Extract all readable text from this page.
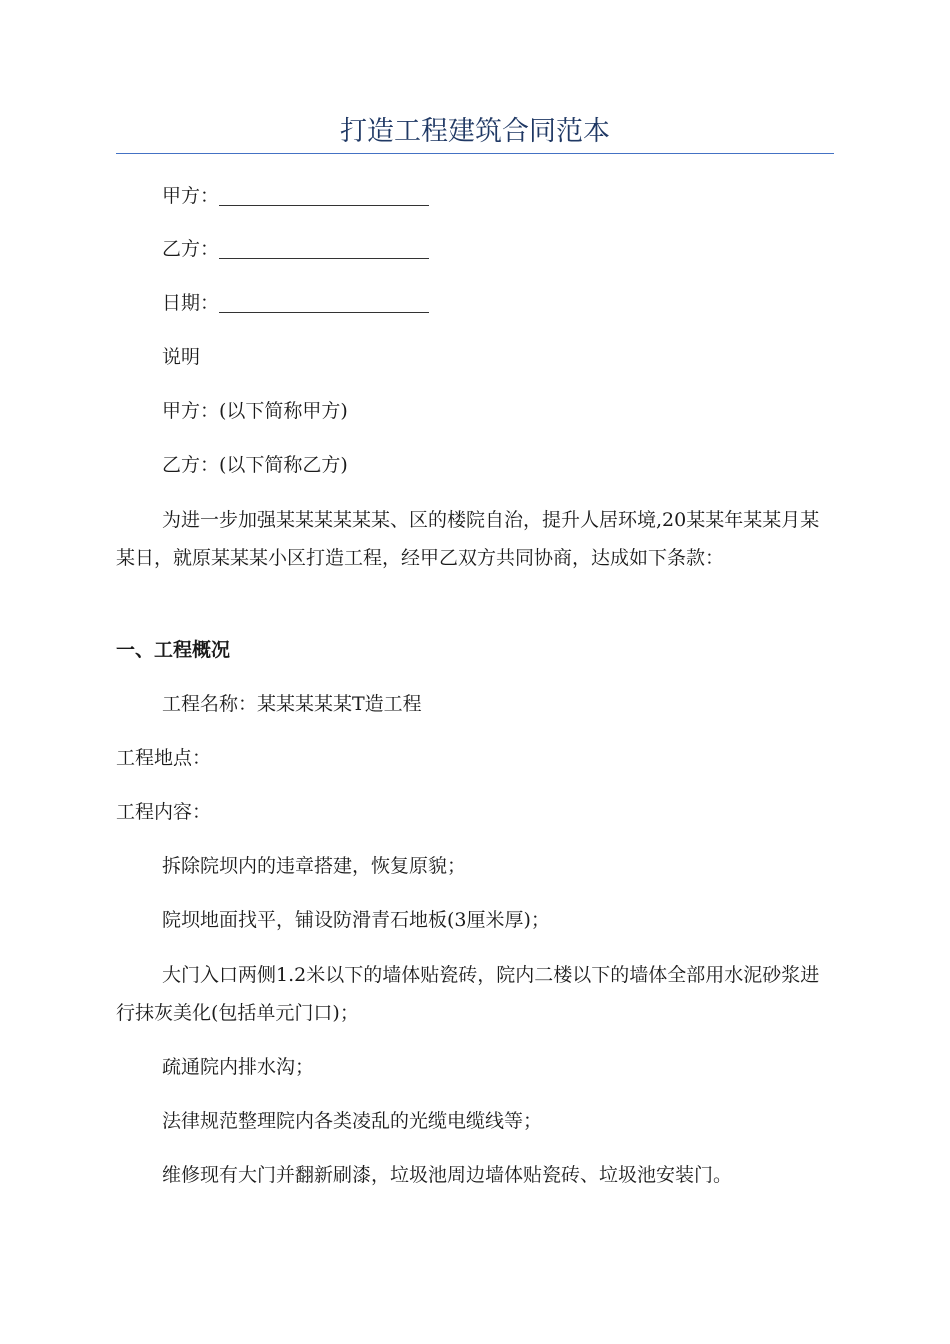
打造工程建筑合同范本
甲方：
乙方：
日期：
说明
甲方：(以下简称甲方)
乙方：(以下简称乙方)
为进一步加强某某某某某某、区的楼院自治，提升人居环境,20某某年某某月某某日，就原某某某小区打造工程，经甲乙双方共同协商，达成如下条款：
一、工程概况
工程名称：某某某某某T造工程
工程地点：
工程内容：
拆除院坝内的违章搭建，恢复原貌；
院坝地面找平，铺设防滑青石地板(3厘米厚)；
大门入口两侧1.2米以下的墙体贴瓷砖，院内二楼以下的墙体全部用水泥砂浆进行抹灰美化(包括单元门口)；
疏通院内排水沟；
法律规范整理院内各类凌乱的光缆电缆线等；
维修现有大门并翻新刷漆，垃圾池周边墙体贴瓷砖、垃圾池安装门。
